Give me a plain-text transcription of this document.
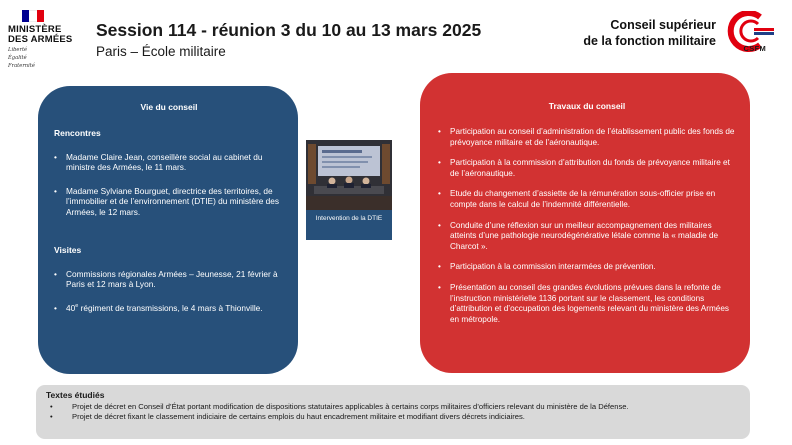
MINISTÈRE
DES ARMÉES
Liberté
Égalité
Fraternité
Session 114 - réunion 3 du 10 au 13 mars 2025
Paris – École militaire
Conseil supérieur
de la fonction militaire
CSFM
Vie du conseil
Rencontres
• Madame Claire Jean, conseillère social au cabinet du ministre des Armées, le 11 mars.
• Madame Sylviane Bourguet, directrice des territoires, de l’immobilier et de l’environnement (DTIE) du ministère des Armées, le 12 mars.
Visites
• Commissions régionales Armées – Jeunesse, 21 février à Paris et 12 mars à Lyon.
• 40e régiment de transmissions, le 4 mars à Thionville.
Intervention de la DTIE
Travaux du conseil
• Participation au conseil d’administration de l’établissement public des fonds de prévoyance militaire et de l’aéronautique.
• Participation à la commission d’attribution du fonds de prévoyance militaire et de l’aéronautique.
• Etude du changement d’assiette de la rémunération sous-officier prise en compte dans le calcul de l’indemnité différentielle.
• Conduite d’une réflexion sur un meilleur accompagnement des militaires atteints d’une pathologie neurodégénérative létale comme la « maladie de Charcot ».
• Participation à la commission interarmées de prévention.
• Présentation au conseil des grandes évolutions prévues dans la refonte de l’instruction ministérielle 1136 portant sur le classement, les conditions d’attribution et d’occupation des logements relevant du ministère des Armées en métropole.
Textes étudiés
• Projet de décret en Conseil d’État portant modification de dispositions statutaires applicables à certains corps militaires d’officiers relevant du ministère de la Défense.
• Projet de décret fixant le classement indiciaire de certains emplois du haut encadrement militaire et modifiant divers décrets indiciaires.
